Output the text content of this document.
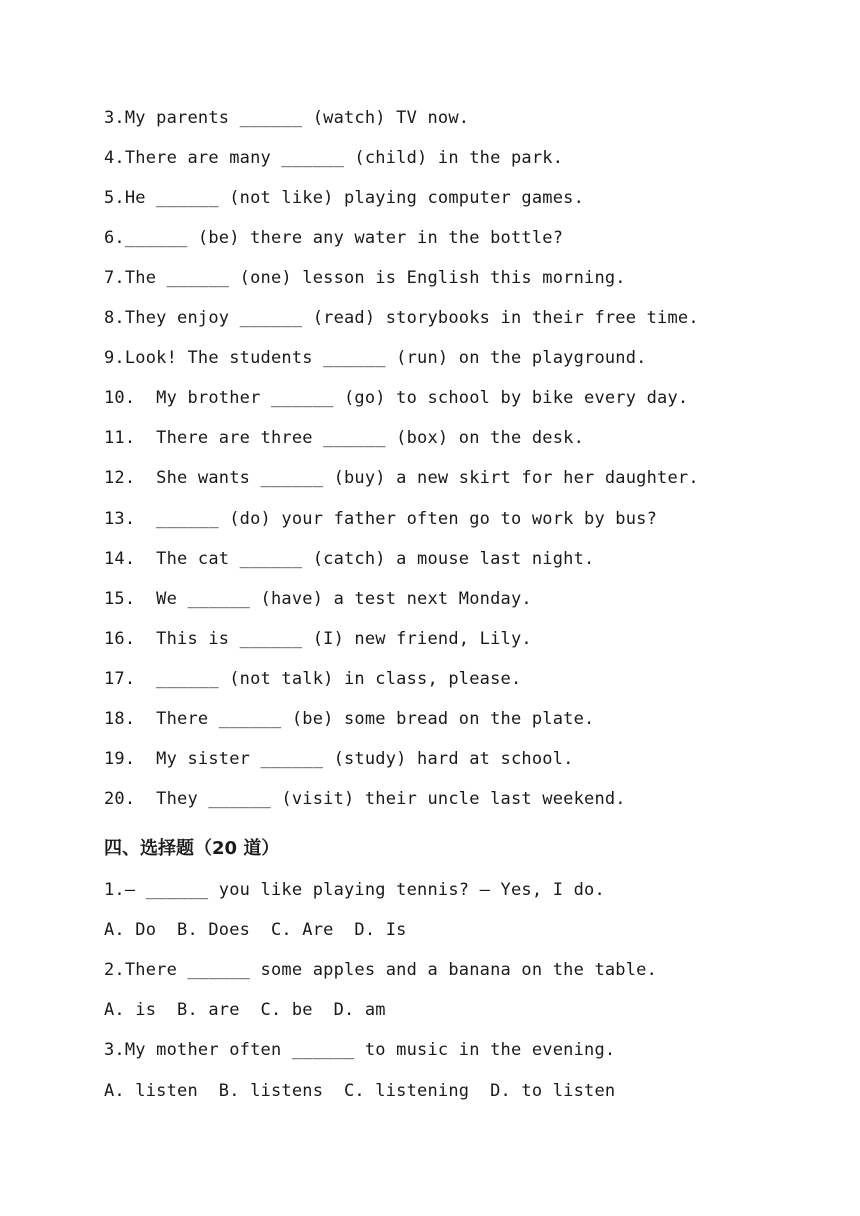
3.My parents ______ (watch) TV now.
4.There are many ______ (child) in the park.
5.He ______ (not like) playing computer games.
6.______ (be) there any water in the bottle?
7.The ______ (one) lesson is English this morning.
8.They enjoy ______ (read) storybooks in their free time.
9.Look! The students ______ (run) on the playground.
10.  My brother ______ (go) to school by bike every day.
11.  There are three ______ (box) on the desk.
12.  She wants ______ (buy) a new skirt for her daughter.
13.  ______ (do) your father often go to work by bus?
14.  The cat ______ (catch) a mouse last night.
15.  We ______ (have) a test next Monday.
16.  This is ______ (I) new friend, Lily.
17.  ______ (not talk) in class, please.
18.  There ______ (be) some bread on the plate.
19.  My sister ______ (study) hard at school.
20.  They ______ (visit) their uncle last weekend.
四、选择题（20 道）
1.— ______ you like playing tennis? — Yes, I do.
A. Do  B. Does  C. Are  D. Is
2.There ______ some apples and a banana on the table.
A. is  B. are  C. be  D. am
3.My mother often ______ to music in the evening.
A. listen  B. listens  C. listening  D. to listen
